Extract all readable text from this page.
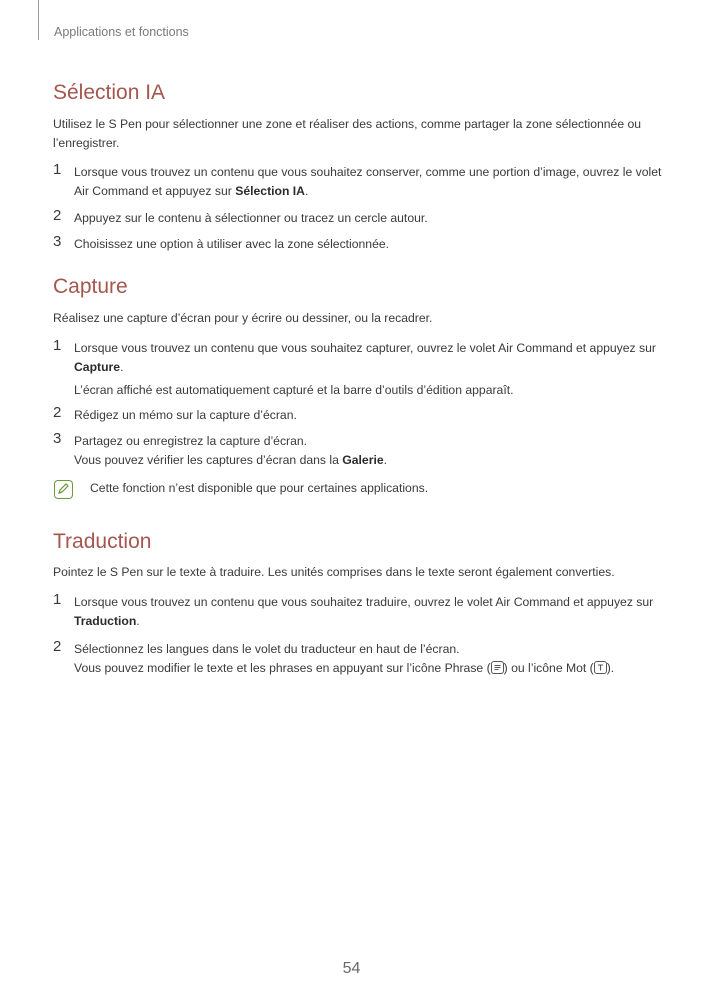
Applications et fonctions
Sélection IA
Utilisez le S Pen pour sélectionner une zone et réaliser des actions, comme partager la zone sélectionnée ou l’enregistrer.
1 Lorsque vous trouvez un contenu que vous souhaitez conserver, comme une portion d’image, ouvrez le volet Air Command et appuyez sur Sélection IA.
2 Appuyez sur le contenu à sélectionner ou tracez un cercle autour.
3 Choisissez une option à utiliser avec la zone sélectionnée.
Capture
Réalisez une capture d’écran pour y écrire ou dessiner, ou la recadrer.
1 Lorsque vous trouvez un contenu que vous souhaitez capturer, ouvrez le volet Air Command et appuyez sur Capture.
L’écran affiché est automatiquement capturé et la barre d’outils d’édition apparaît.
2 Rédigez un mémo sur la capture d’écran.
3 Partagez ou enregistrez la capture d’écran.
Vous pouvez vérifier les captures d’écran dans la Galerie.
Cette fonction n’est disponible que pour certaines applications.
Traduction
Pointez le S Pen sur le texte à traduire. Les unités comprises dans le texte seront également converties.
1 Lorsque vous trouvez un contenu que vous souhaitez traduire, ouvrez le volet Air Command et appuyez sur Traduction.
2 Sélectionnez les langues dans le volet du traducteur en haut de l’écran.
Vous pouvez modifier le texte et les phrases en appuyant sur l’icône Phrase ( ) ou l’icône Mot ( ).
54
